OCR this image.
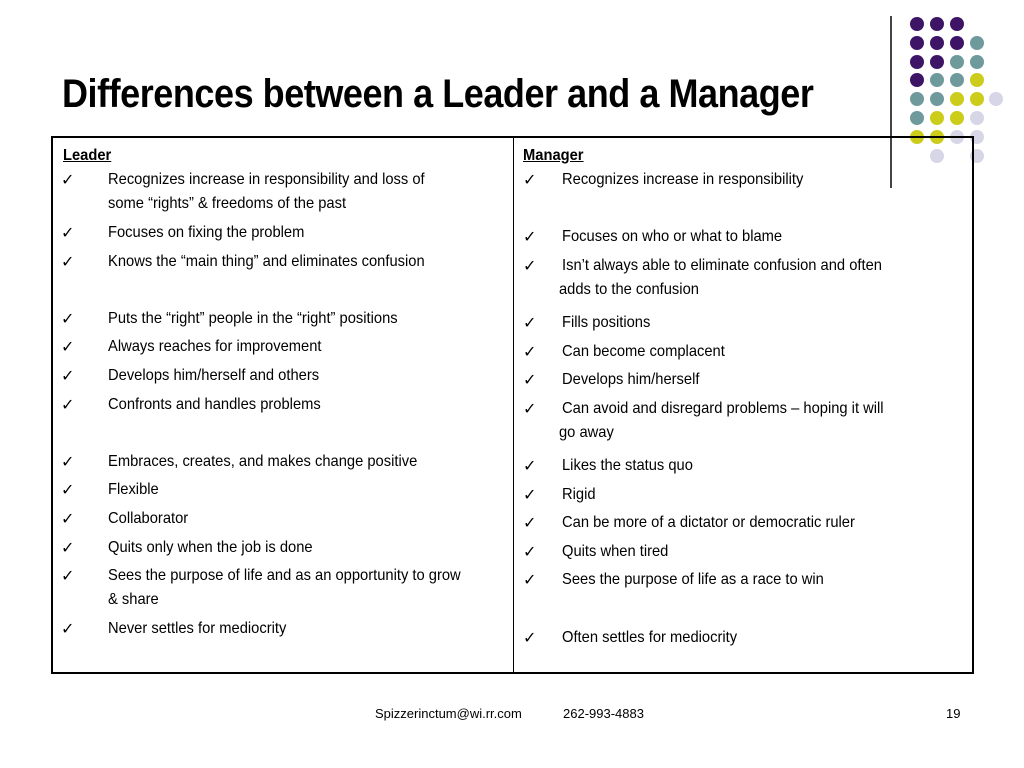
Differences between a Leader and a Manager
Leader
✓ Recognizes increase in responsibility and loss of
some “rights” & freedoms of the past
✓ Focuses on fixing the problem
✓ Knows the “main thing” and eliminates confusion
✓ Puts the “right” people in the “right” positions
✓ Always reaches for improvement
✓ Develops him/herself and others
✓ Confronts and handles problems
✓ Embraces, creates, and makes change positive
✓ Flexible
✓ Collaborator
✓ Quits only when the job is done
✓ Sees the purpose of life and as an opportunity to grow
& share
✓ Never settles for mediocrity
Manager
✓ Recognizes increase in responsibility
✓ Focuses on who or what to blame
✓ Isn’t always able to eliminate confusion and often
adds to the confusion
✓ Fills positions
✓ Can become complacent
✓ Develops him/herself
✓ Can avoid and disregard problems – hoping it will
go away
✓ Likes the status quo
✓ Rigid
✓ Can be more of a dictator or democratic ruler
✓ Quits when tired
✓ Sees the purpose of life as a race to win
✓ Often settles for mediocrity
Spizzerinctum@wi.rr.com	262-993-4883	19
